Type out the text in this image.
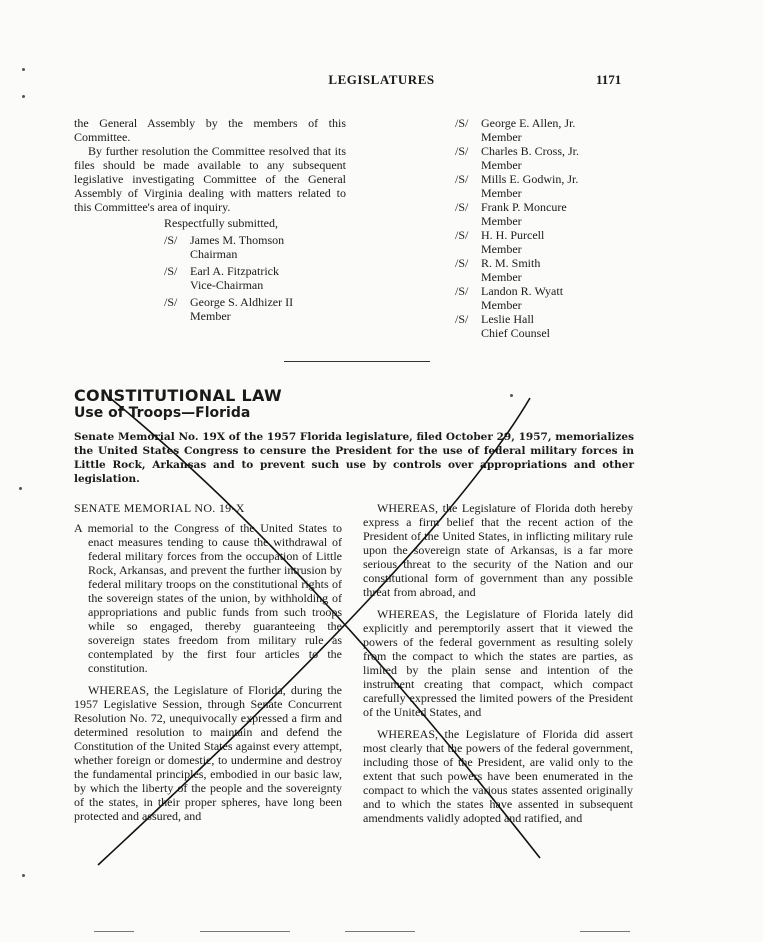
LEGISLATURES	1171

the General Assembly by the members of this Committee.

By further resolution the Committee resolved that its files should be made available to any subsequent legislative investigating Committee of the General Assembly of Virginia dealing with matters related to this Committee's area of inquiry.

Respectfully submitted,
/S/	James M. Thomson
Chairman
/S/	Earl A. Fitzpatrick
Vice-Chairman
/S/	George S. Aldhizer II
Member
/S/	George E. Allen, Jr.
Member
/S/	Charles B. Cross, Jr.
Member
/S/	Mills E. Godwin, Jr.
Member
/S/	Frank P. Moncure
Member
/S/	H. H. Purcell
Member
/S/	R. M. Smith
Member
/S/	Landon R. Wyatt
Member
/S/	Leslie Hall
Chief Counsel
CONSTITUTIONAL LAW
Use of Troops—Florida
Senate Memorial No. 19X of the 1957 Florida legislature, filed October 29, 1957, memorializes the United States Congress to censure the President for the use of federal military forces in Little Rock, Arkansas and to prevent such use by controls over appropriations and other legislation.

SENATE MEMORIAL NO. 19-X

A memorial to the Congress of the United States to enact measures tending to cause the withdrawal of federal military forces from the occupation of Little Rock, Arkansas, and prevent the further intrusion by federal military troops on the constitutional rights of the sovereign states of the union, by withholding of appropriations and public funds from such troops while so engaged, thereby guaranteeing the sovereign states freedom from military rule as contemplated by the first four articles to the constitution.

WHEREAS, the Legislature of Florida, during the 1957 Legislative Session, through Senate Concurrent Resolution No. 72, unequivocally expressed a firm and determined resolution to maintain and defend the Constitution of the United States against every attempt, whether foreign or domestic, to undermine and destroy the fundamental principles, embodied in our basic law, by which the liberty of the people and the sovereignty of the states, in their proper spheres, have long been protected and assured, and

WHEREAS, the Legislature of Florida doth hereby express a firm belief that the recent action of the President of the United States, in inflicting military rule upon the sovereign state of Arkansas, is a far more serious threat to the security of the Nation and our constitutional form of government than any possible threat from abroad, and

WHEREAS, the Legislature of Florida lately did explicitly and peremptorily assert that it viewed the powers of the federal government as resulting solely from the compact to which the states are parties, as limited by the plain sense and intention of the instrument creating that compact, which compact carefully expressed the limited powers of the President of the United States, and

WHEREAS, the Legislature of Florida did assert most clearly that the powers of the federal government, including those of the President, are valid only to the extent that such powers have been enumerated in the compact to which the various states assented originally and to which the states have assented in subsequent amendments validly adopted and ratified, and
